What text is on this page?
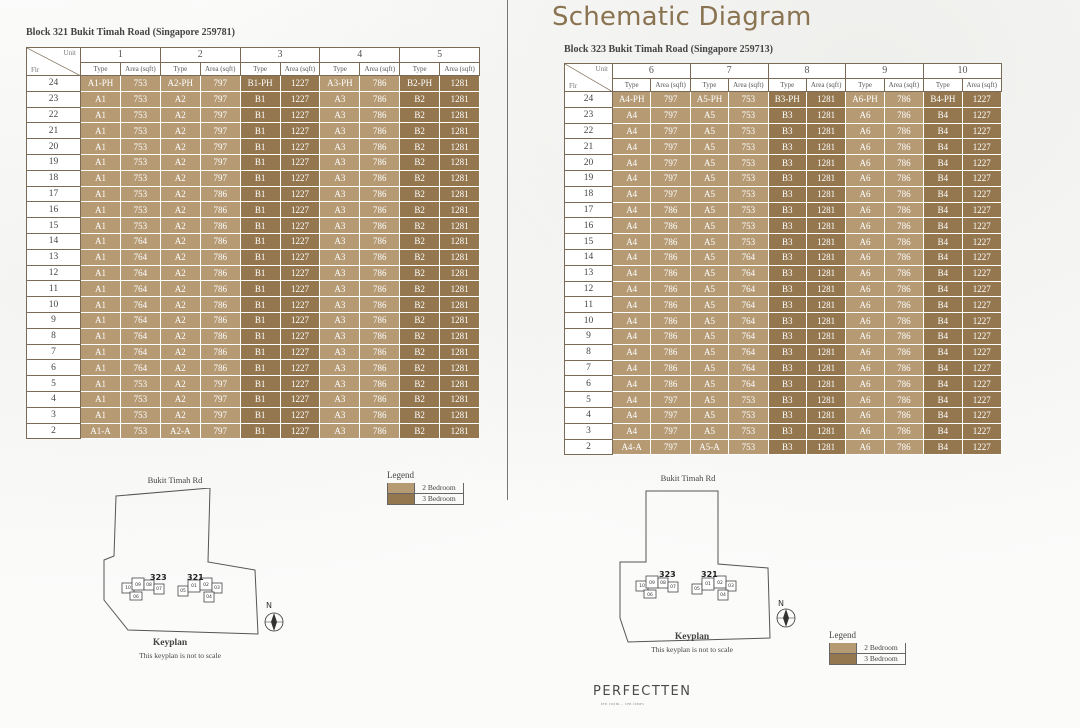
Schematic Diagram
Block 321 Bukit Timah Road (Singapore 259781)
Unit
Flr	1		2		3		4		5	
	Type	Area (sqft)	Type	Area (sqft)	Type	Area (sqft)	Type	Area (sqft)	Type	Area (sqft)
24	A1-PH	753	A2-PH	797	B1-PH	1227	A3-PH	786	B2-PH	1281
23	A1	753	A2	797	B1	1227	A3	786	B2	1281
22	A1	753	A2	797	B1	1227	A3	786	B2	1281
21	A1	753	A2	797	B1	1227	A3	786	B2	1281
20	A1	753	A2	797	B1	1227	A3	786	B2	1281
19	A1	753	A2	797	B1	1227	A3	786	B2	1281
18	A1	753	A2	797	B1	1227	A3	786	B2	1281
17	A1	753	A2	786	B1	1227	A3	786	B2	1281
16	A1	753	A2	786	B1	1227	A3	786	B2	1281
15	A1	753	A2	786	B1	1227	A3	786	B2	1281
14	A1	764	A2	786	B1	1227	A3	786	B2	1281
13	A1	764	A2	786	B1	1227	A3	786	B2	1281
12	A1	764	A2	786	B1	1227	A3	786	B2	1281
11	A1	764	A2	786	B1	1227	A3	786	B2	1281
10	A1	764	A2	786	B1	1227	A3	786	B2	1281
9	A1	764	A2	786	B1	1227	A3	786	B2	1281
8	A1	764	A2	786	B1	1227	A3	786	B2	1281
7	A1	764	A2	786	B1	1227	A3	786	B2	1281
6	A1	764	A2	786	B1	1227	A3	786	B2	1281
5	A1	753	A2	797	B1	1227	A3	786	B2	1281
4	A1	753	A2	797	B1	1227	A3	786	B2	1281
3	A1	753	A2	797	B1	1227	A3	786	B2	1281
2	A1-A	753	A2-A	797	B1	1227	A3	786	B2	1281
Block 323 Bukit Timah Road (Singapore 259713)
Unit
Flr	6		7		8		9		10	
	Type	Area (sqft)	Type	Area (sqft)	Type	Area (sqft)	Type	Area (sqft)	Type	Area (sqft)
24	A4-PH	797	A5-PH	753	B3-PH	1281	A6-PH	786	B4-PH	1227
23	A4	797	A5	753	B3	1281	A6	786	B4	1227
22	A4	797	A5	753	B3	1281	A6	786	B4	1227
21	A4	797	A5	753	B3	1281	A6	786	B4	1227
20	A4	797	A5	753	B3	1281	A6	786	B4	1227
19	A4	797	A5	753	B3	1281	A6	786	B4	1227
18	A4	797	A5	753	B3	1281	A6	786	B4	1227
17	A4	786	A5	753	B3	1281	A6	786	B4	1227
16	A4	786	A5	753	B3	1281	A6	786	B4	1227
15	A4	786	A5	753	B3	1281	A6	786	B4	1227
14	A4	786	A5	764	B3	1281	A6	786	B4	1227
13	A4	786	A5	764	B3	1281	A6	786	B4	1227
12	A4	786	A5	764	B3	1281	A6	786	B4	1227
11	A4	786	A5	764	B3	1281	A6	786	B4	1227
10	A4	786	A5	764	B3	1281	A6	786	B4	1227
9	A4	786	A5	764	B3	1281	A6	786	B4	1227
8	A4	786	A5	764	B3	1281	A6	786	B4	1227
7	A4	786	A5	764	B3	1281	A6	786	B4	1227
6	A4	786	A5	764	B3	1281	A6	786	B4	1227
5	A4	797	A5	753	B3	1281	A6	786	B4	1227
4	A4	797	A5	753	B3	1281	A6	786	B4	1227
3	A4	797	A5	753	B3	1281	A6	786	B4	1227
2	A4-A	797	A5-A	753	B3	1281	A6	786	B4	1227
Bukit Timah Rd
10
09 08
07
06
05
01 02
03
04
323	321
Keyplan
This keyplan is not to scale
N
Legend
2 Bedroom
3 Bedroom
Bukit Timah Rd
10
09 08
07
06
05
01 02
03
04
323	321
Keyplan
This keyplan is not to scale
N
Legend
2 Bedroom
3 Bedroom
PERFECTTEN
ten room... ten times
